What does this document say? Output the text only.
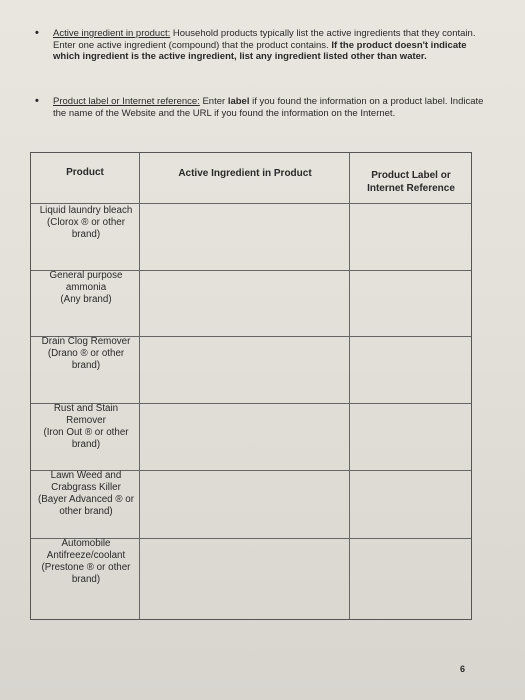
• Active ingredient in product: Household products typically list the active ingredients that they contain. Enter one active ingredient (compound) that the product contains. If the product doesn't indicate which ingredient is the active ingredient, list any ingredient listed other than water.
• Product label or Internet reference: Enter label if you found the information on a product label. Indicate the name of the Website and the URL if you found the information on the Internet.
Product	Active Ingredient in Product	Product Label or Internet Reference
Liquid laundry bleach
(Clorox ® or other
brand)
General purpose
ammonia
(Any brand)
Drain Clog Remover
(Drano ® or other
brand)
Rust and Stain
Remover
(Iron Out ® or other
brand)
Lawn Weed and
Crabgrass Killer
(Bayer Advanced ® or
other brand)
Automobile
Antifreeze/coolant
(Prestone ® or other
brand)
6
